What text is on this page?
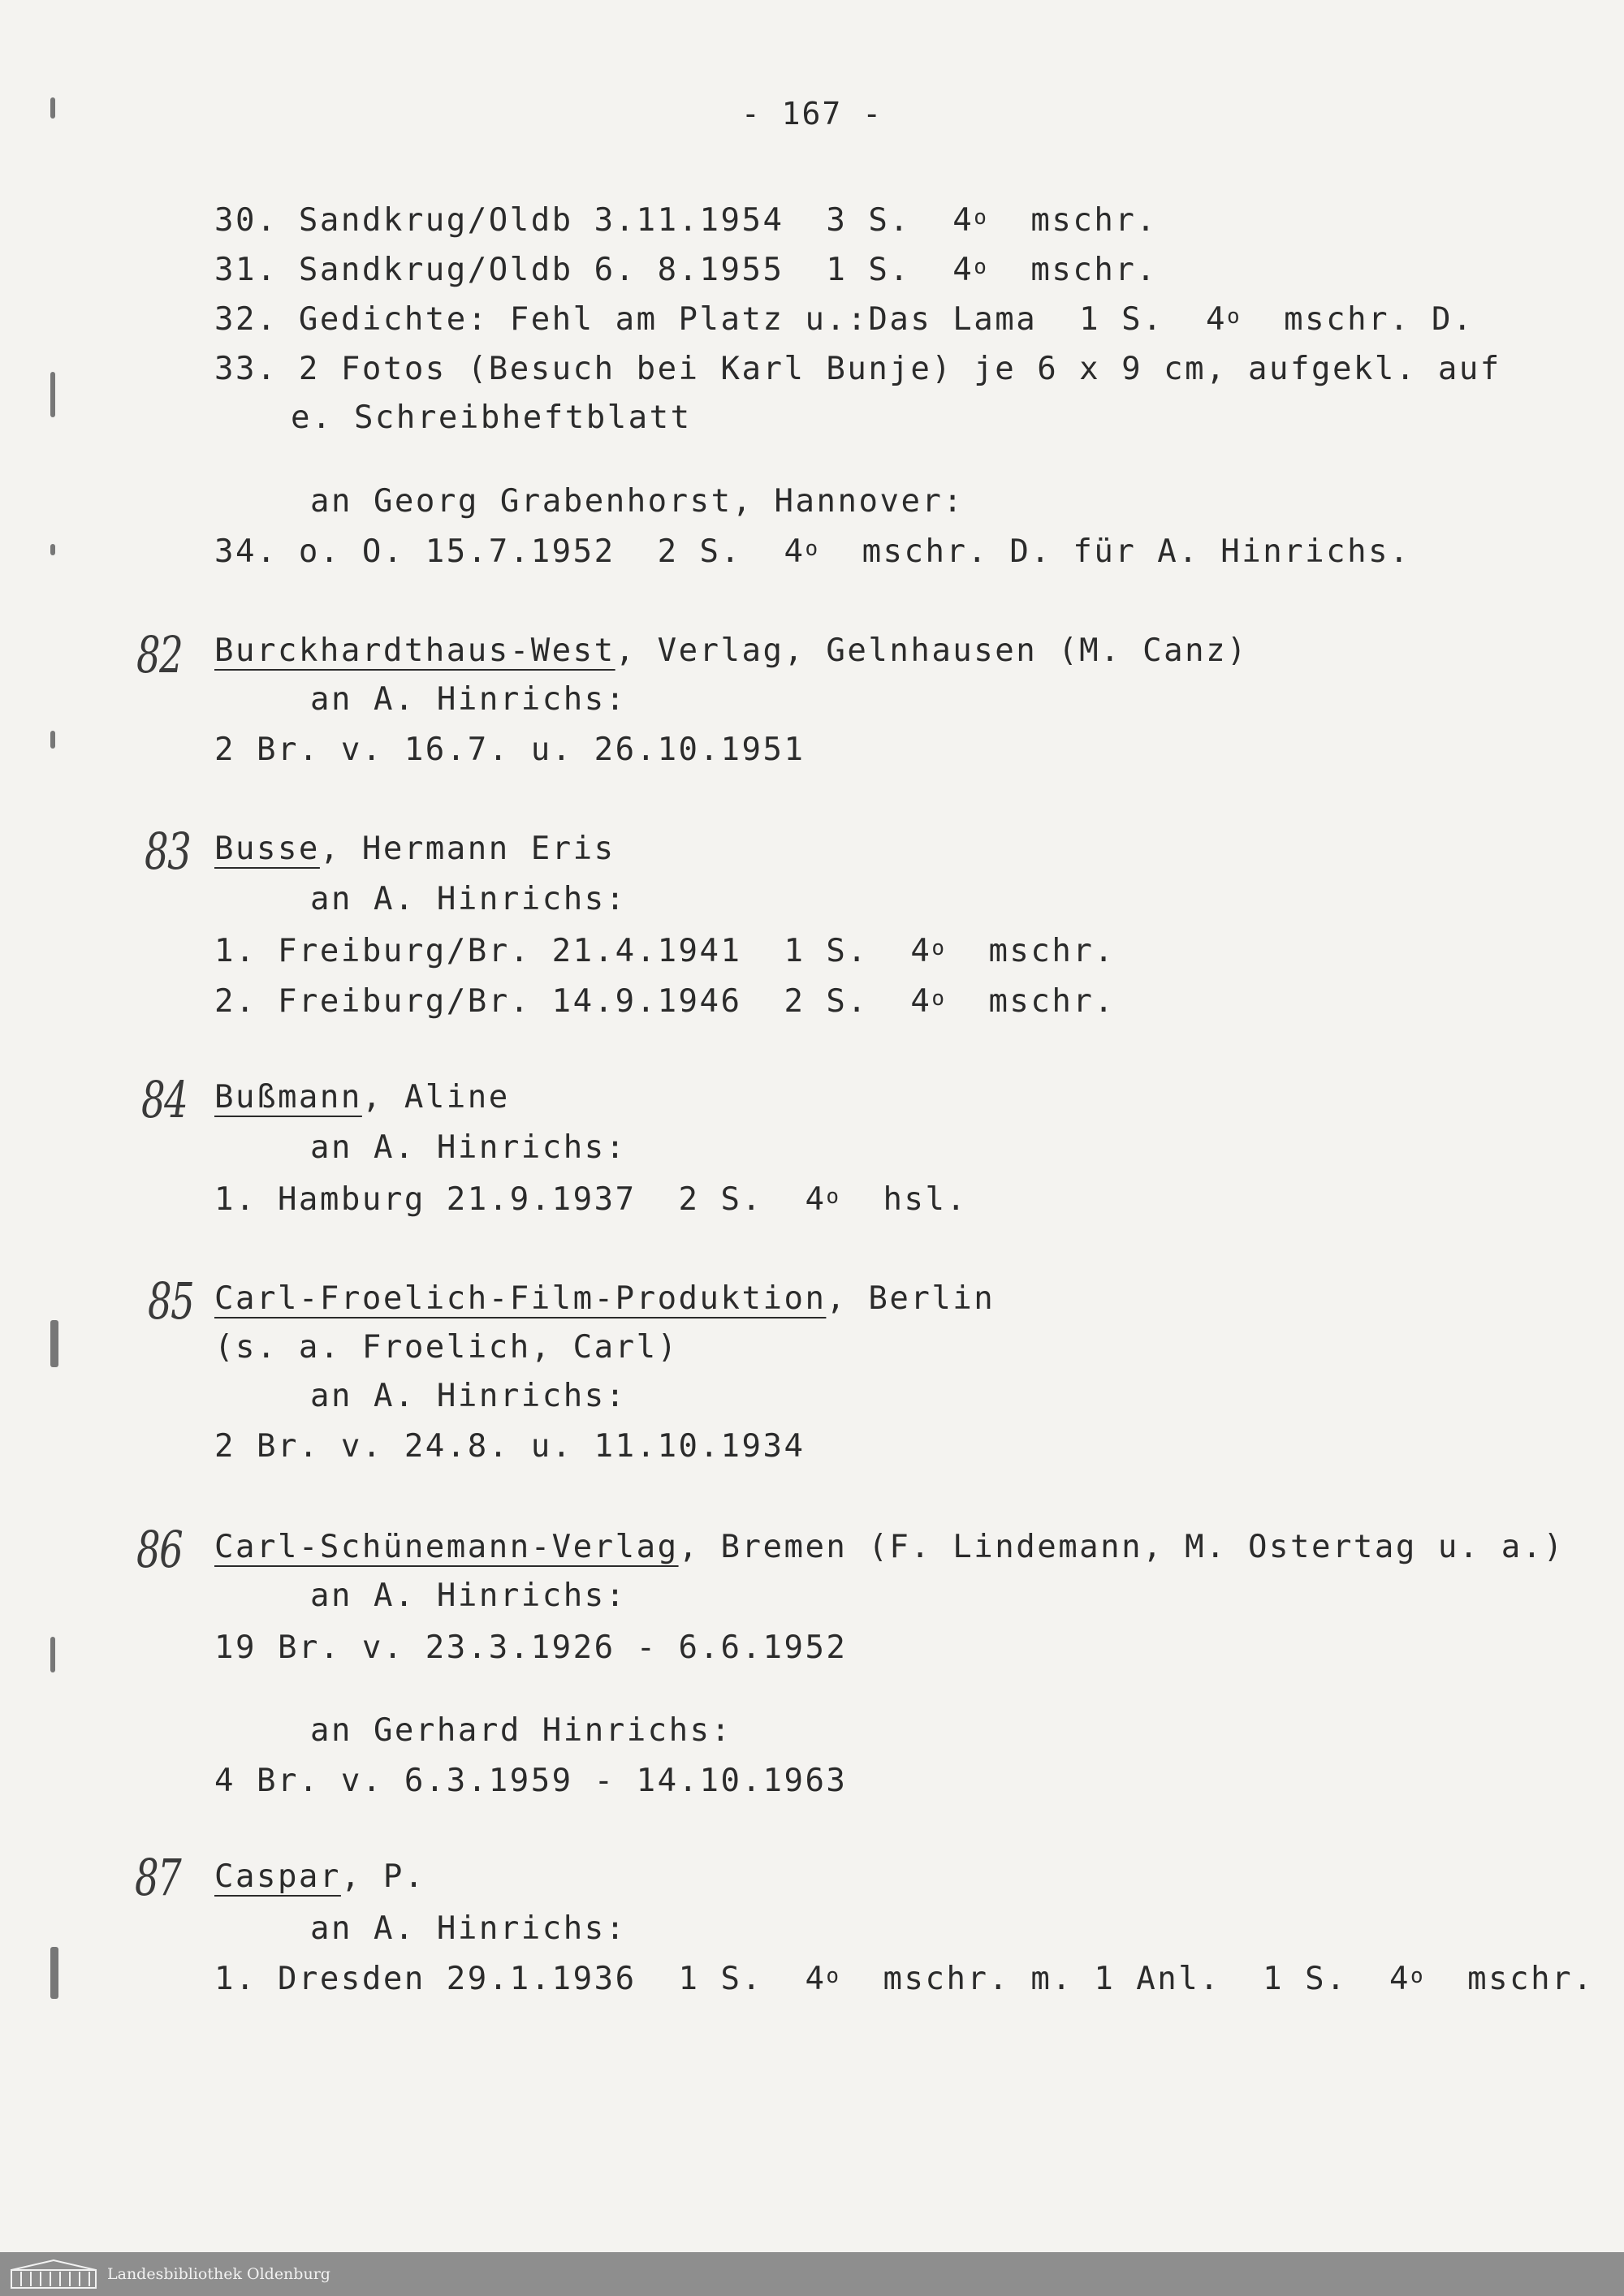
- 167 -
30. Sandkrug/Oldb 3.11.1954  3 S.  4$^o$  mschr.
31. Sandkrug/Oldb 6. 8.1955  1 S.  4$^o$  mschr.
32. Gedichte: Fehl am Platz u.:Das Lama  1 S.  4$^o$  mschr. D.
33. 2 Fotos (Besuch bei Karl Bunje) je 6 x 9 cm, aufgekl. auf
e. Schreibheftblatt
an Georg Grabenhorst, Hannover:
34. o. O. 15.7.1952  2 S.  4$^o$  mschr. D. für A. Hinrichs.
82 Burckhardthaus-West, Verlag, Gelnhausen (M. Canz)
an A. Hinrichs:
2 Br. v. 16.7. u. 26.10.1951
83 Busse, Hermann Eris
an A. Hinrichs:
1. Freiburg/Br. 21.4.1941  1 S.  4$^o$  mschr.
2. Freiburg/Br. 14.9.1946  2 S.  4$^o$  mschr.
84 Bußmann, Aline
an A. Hinrichs:
1. Hamburg 21.9.1937  2 S.  4$^o$  hsl.
85 Carl-Froelich-Film-Produktion, Berlin
(s. a. Froelich, Carl)
an A. Hinrichs:
2 Br. v. 24.8. u. 11.10.1934
86 Carl-Schünemann-Verlag, Bremen (F. Lindemann, M. Ostertag u. a.)
an A. Hinrichs:
19 Br. v. 23.3.1926 - 6.6.1952
an Gerhard Hinrichs:
4 Br. v. 6.3.1959 - 14.10.1963
87 Caspar, P.
an A. Hinrichs:
1. Dresden 29.1.1936  1 S.  4$^o$  mschr. m. 1 Anl.  1 S.  4$^o$  mschr.
Landesbibliothek Oldenburg
